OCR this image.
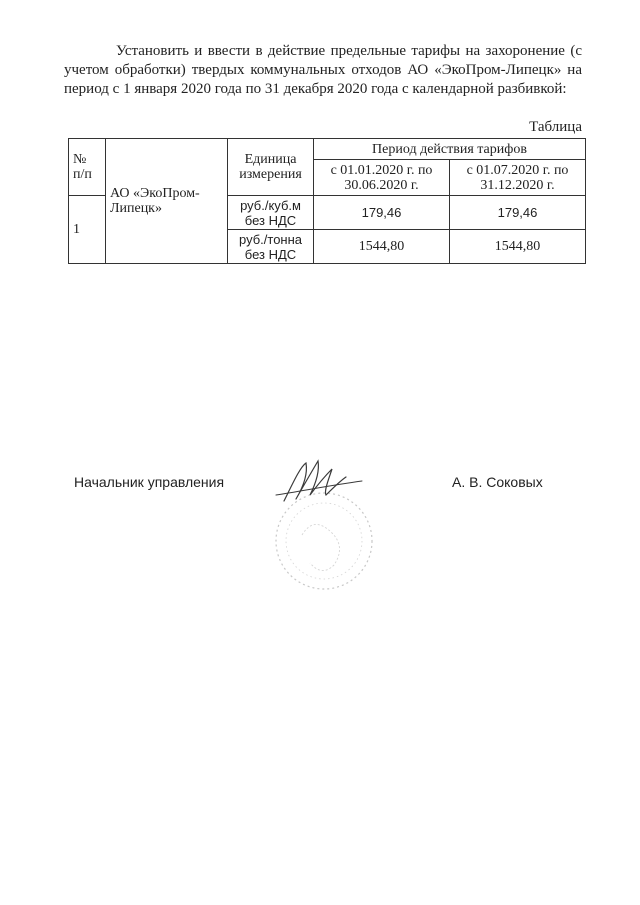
Установить и ввести в действие предельные тарифы на захоронение (с учетом обработки) твердых коммунальных отходов АО «ЭкоПром-Липецк» на период с 1 января 2020 года по 31 декабря 2020 года с календарной разбивкой:

Таблица
№ п/п	АО «ЭкоПром-Липецк»	Единица измерения	Период действия тарифов	
			с 01.01.2020 г. по 30.06.2020 г.	с 01.07.2020 г. по 31.12.2020 г.
1		руб./куб.м без НДС	179,46	179,46
		руб./тонна без НДС	1544,80	1544,80
Начальник управления	А. В. Соковых
